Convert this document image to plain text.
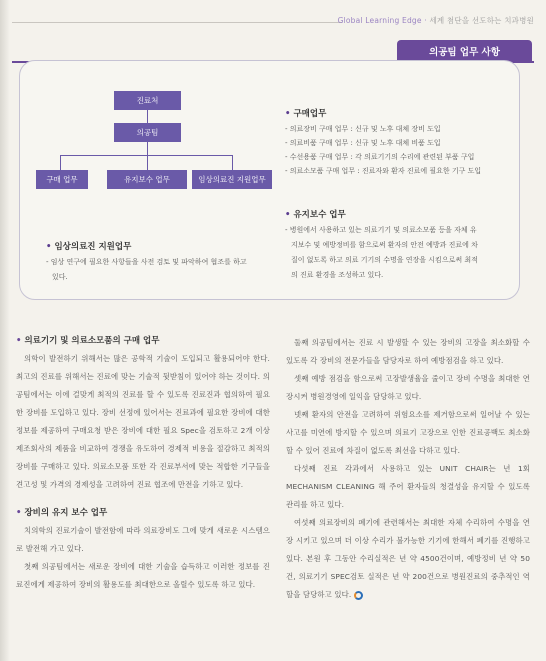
Global Learning Edge · 세계 첨단을 선도하는 치과병원
의공팀 업무 사항
진료처
의공팀
구매 업무	유지보수 업무	임상의료진 지원업무
• 구매업무
- 의료장비 구매 업무 : 신규 및 노후 대체 장비 도입
- 의료비품 구매 업무 : 신규 및 노후 대체 비품 도입
- 수선용품 구매 업무 : 각 의료기기의 수리에 관련된 부품 구입
- 의료소모품 구매 업무 : 진료자와 환자 진료에 필요한 기구 도입
• 유지보수 업무
- 병원에서 사용하고 있는 의료기기 및 의료소모품 등을 자체 유
지보수 및 예방정비를 함으로써 환자의 안전 예방과 진료에 차
질이 없도록 하고 의료 기기의 수명을 연장을 시킴으로써 최적
의 진료 환경을 조성하고 있다.
• 임상의료진 지원업무
- 임상 연구에 필요한 사항들을 사전 검토 및 파악하여 협조를 하고
있다.
• 의료기기 및 의료소모품의 구매 업무

의학이 발전하기 위해서는 많은 공학적 기술이 도입되고 활용되어야 한다. 최고의 진료를 위해서는 진료에 맞는 기술적 뒷받침이 있어야 하는 것이다. 의공팀에서는 이에 걸맞게 최적의 진료를 할 수 있도록 진료진과 협의하여 필요한 장비를 도입하고 있다. 장비 선정에 있어서는 진료과에 필요한 장비에 대한 정보를 제공하여 구매요청 받은 장비에 대한 필요 Spec을 검토하고 2개 이상 제조회사의 제품을 비교하여 경쟁을 유도하여 경제적 비용을 절감하고 최적의 장비를 구매하고 있다. 의료소모품 또한 각 진료부서에 맞는 적합한 기구들을 견고성 및 가격의 경제성을 고려하여 진료 협조에 만전을 기하고 있다.

• 장비의 유지 보수 업무

치의학의 진료기술이 발전함에 따라 의료장비도 그에 맞게 새로운 시스템으로 발전해 가고 있다.

첫째 의공팀에서는 새로운 장비에 대한 기술을 습득하고 이러한 정보를 진료진에게 제공하여 장비의 활용도를 최대한으로 올릴수 있도록 하고 있다.

둘째 의공팀에서는 진료 시 발생할 수 있는 장비의 고장을 최소화할 수 있도록 각 장비의 전문가들을 담당자로 하여 예방점검을 하고 있다.

셋째 예방 점검을 함으로써 고장발생율을 줄이고 장비 수명을 최대한 연장시켜 병원경영에 일익을 담당하고 있다.

넷째 환자의 안전을 고려하여 위험요소를 제거함으로써 일어날 수 있는 사고를 미연에 방지할 수 있으며 의료기 고장으로 인한 진료공백도 최소화할 수 있어 진료에 차질이 없도록 최선을 다하고 있다.

다섯째 진료 각과에서 사용하고 있는 UNIT CHAIR는 년 1회 MECHANISM CLEANING 해 주어 환자들의 청결성을 유지할 수 있도록 관리를 하고 있다.

여섯째 의료장비의 폐기에 관련해서는 최대한 자체 수리하여 수명을 연장 시키고 있으며 더 이상 수리가 불가능한 기기에 한해서 폐기를 진행하고 있다. 본원 후 그동안 수리실적은 년 약 4500건이며, 예방정비 년 약 50건, 의료기기 SPEC검토 실적은 년 약 200건으로 병원진료의 중추적인 역할을 담당하고 있다.
